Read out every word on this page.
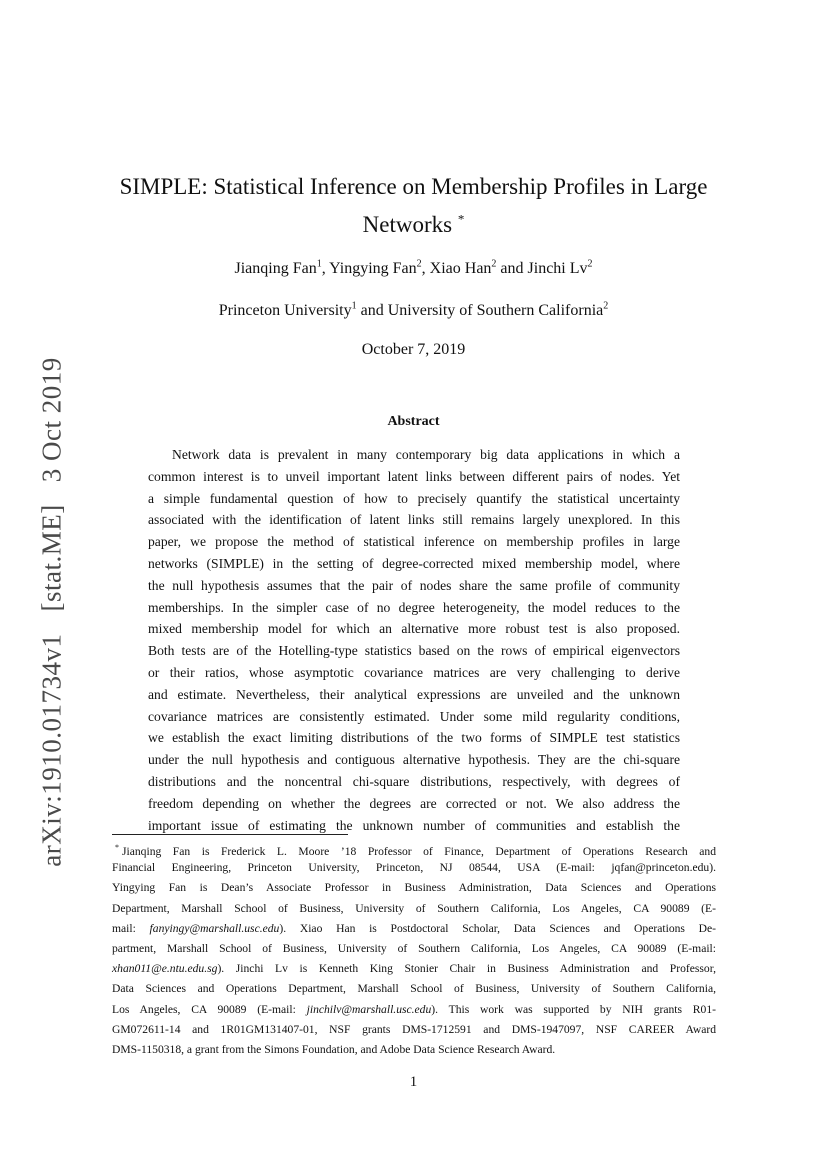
arXiv:1910.01734v1[stat.ME]3 Oct 2019
SIMPLE: Statistical Inference on Membership Profiles in Large
Networks *
Jianqing Fan$^1$, Yingying Fan$^2$, Xiao Han$^2$ and Jinchi Lv$^2$
Princeton University$^1$ and University of Southern California$^2$
October 7, 2019
Abstract
Network data is prevalent in many contemporary big data applications in which a
common interest is to unveil important latent links between different pairs of nodes. Yet
a simple fundamental question of how to precisely quantify the statistical uncertainty
associated with the identification of latent links still remains largely unexplored. In this
paper, we propose the method of statistical inference on membership profiles in large
networks (SIMPLE) in the setting of degree-corrected mixed membership model, where
the null hypothesis assumes that the pair of nodes share the same profile of community
memberships. In the simpler case of no degree heterogeneity, the model reduces to the
mixed membership model for which an alternative more robust test is also proposed.
Both tests are of the Hotelling-type statistics based on the rows of empirical eigenvectors
or their ratios, whose asymptotic covariance matrices are very challenging to derive
and estimate. Nevertheless, their analytical expressions are unveiled and the unknown
covariance matrices are consistently estimated. Under some mild regularity conditions,
we establish the exact limiting distributions of the two forms of SIMPLE test statistics
under the null hypothesis and contiguous alternative hypothesis. They are the chi-square
distributions and the noncentral chi-square distributions, respectively, with degrees of
freedom depending on whether the degrees are corrected or not. We also address the
important issue of estimating the unknown number of communities and establish the
* Jianqing Fan is Frederick L. Moore ’18 Professor of Finance, Department of Operations Research and
Financial Engineering, Princeton University, Princeton, NJ 08544, USA (E-mail: jqfan@princeton.edu).
Yingying Fan is Dean’s Associate Professor in Business Administration, Data Sciences and Operations
Department, Marshall School of Business, University of Southern California, Los Angeles, CA 90089 (E-
mail: fanyingy@marshall.usc.edu). Xiao Han is Postdoctoral Scholar, Data Sciences and Operations De-
partment, Marshall School of Business, University of Southern California, Los Angeles, CA 90089 (E-mail:
xhan011@e.ntu.edu.sg). Jinchi Lv is Kenneth King Stonier Chair in Business Administration and Professor,
Data Sciences and Operations Department, Marshall School of Business, University of Southern California,
Los Angeles, CA 90089 (E-mail: jinchilv@marshall.usc.edu). This work was supported by NIH grants R01-
GM072611-14 and 1R01GM131407-01, NSF grants DMS-1712591 and DMS-1947097, NSF CAREER Award
DMS-1150318, a grant from the Simons Foundation, and Adobe Data Science Research Award.
1
